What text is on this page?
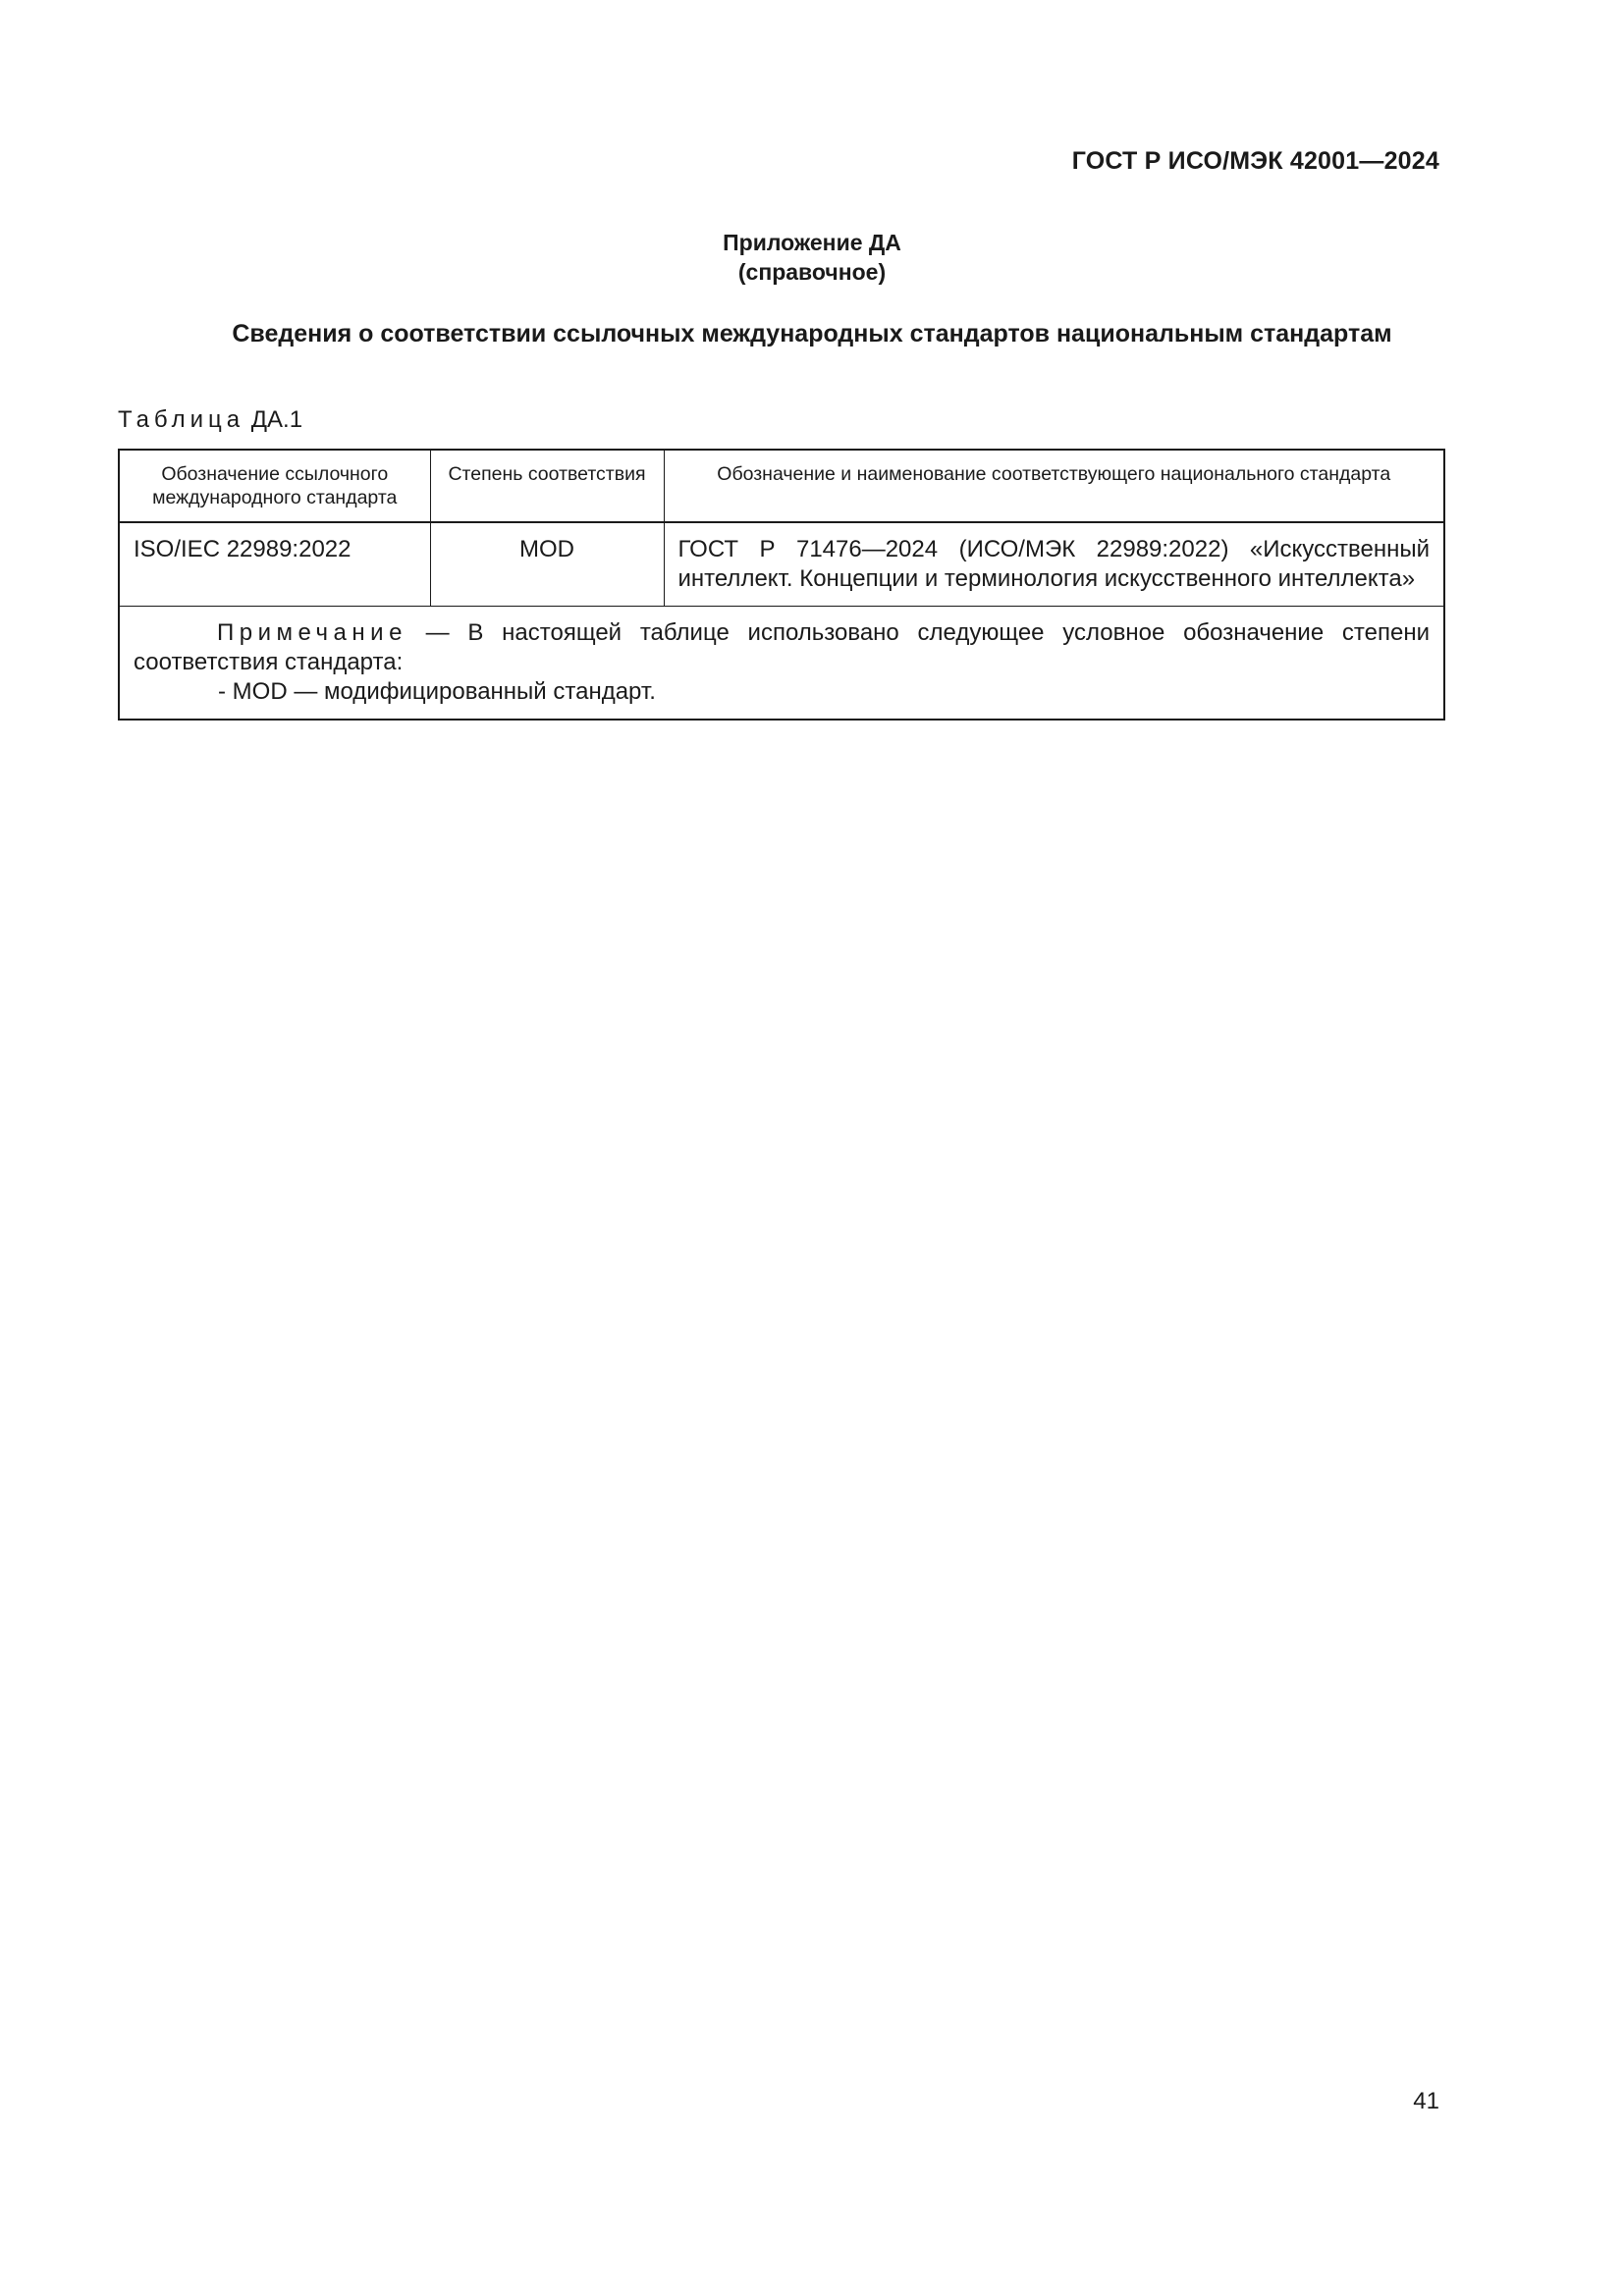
ГОСТ Р ИСО/МЭК 42001—2024
Приложение ДА
(справочное)
Сведения о соответствии ссылочных международных стандартов национальным стандартам
Таблица ДА.1
Обозначение ссылочного международного стандарта	Степень соответствия	Обозначение и наименование соответствующего национального стандарта
ISO/IEC 22989:2022	MOD	ГОСТ Р 71476—2024 (ИСО/МЭК 22989:2022) «Искусственный интеллект. Концепции и терминология искусственного интеллекта»

Примечание — В настоящей таблице использовано следующее условное обозначение степени соответствия стандарта:
- MOD — модифицированный стандарт.		
41
